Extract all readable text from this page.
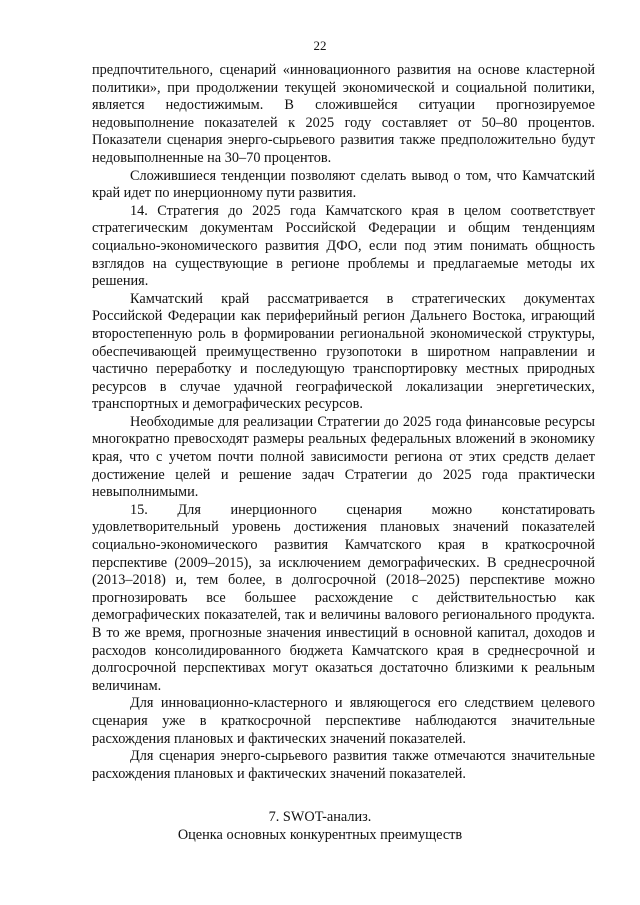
22

предпочтительного, сценарий «инновационного развития на основе кластерной политики», при продолжении текущей экономической и социальной политики, является недостижимым. В сложившейся ситуации прогнозируемое недовыполнение показателей к 2025 году составляет от 50–80 процентов. Показатели сценария энерго-сырьевого развития также предположительно будут недовыполненные на 30–70 процентов.

Сложившиеся тенденции позволяют сделать вывод о том, что Камчатский край идет по инерционному пути развития.

14. Стратегия до 2025 года Камчатского края в целом соответствует стратегическим документам Российской Федерации и общим тенденциям социально-экономического развития ДФО, если под этим понимать общность взглядов на существующие в регионе проблемы и предлагаемые методы их решения.

Камчатский край рассматривается в стратегических документах Российской Федерации как периферийный регион Дальнего Востока, играющий второстепенную роль в формировании региональной экономической структуры, обеспечивающей преимущественно грузопотоки в широтном направлении и частично переработку и последующую транспортировку местных природных ресурсов в случае удачной географической локализации энергетических, транспортных и демографических ресурсов.

Необходимые для реализации Стратегии до 2025 года финансовые ресурсы многократно превосходят размеры реальных федеральных вложений в экономику края, что с учетом почти полной зависимости региона от этих средств делает достижение целей и решение задач Стратегии до 2025 года практически невыполнимыми.

15. Для инерционного сценария можно констатировать удовлетворительный уровень достижения плановых значений показателей социально-экономического развития Камчатского края в краткосрочной перспективе (2009–2015), за исключением демографических. В среднесрочной (2013–2018) и, тем более, в долгосрочной (2018–2025) перспективе можно прогнозировать все большее расхождение с действительностью как демографических показателей, так и величины валового регионального продукта. В то же время, прогнозные значения инвестиций в основной капитал, доходов и расходов консолидированного бюджета Камчатского края в среднесрочной и долгосрочной перспективах могут оказаться достаточно близкими к реальным величинам.

Для инновационно-кластерного и являющегося его следствием целевого сценария уже в краткосрочной перспективе наблюдаются значительные расхождения плановых и фактических значений показателей.

Для сценария энерго-сырьевого развития также отмечаются значительные расхождения плановых и фактических значений показателей.

7. SWOT-анализ.
Оценка основных конкурентных преимуществ
